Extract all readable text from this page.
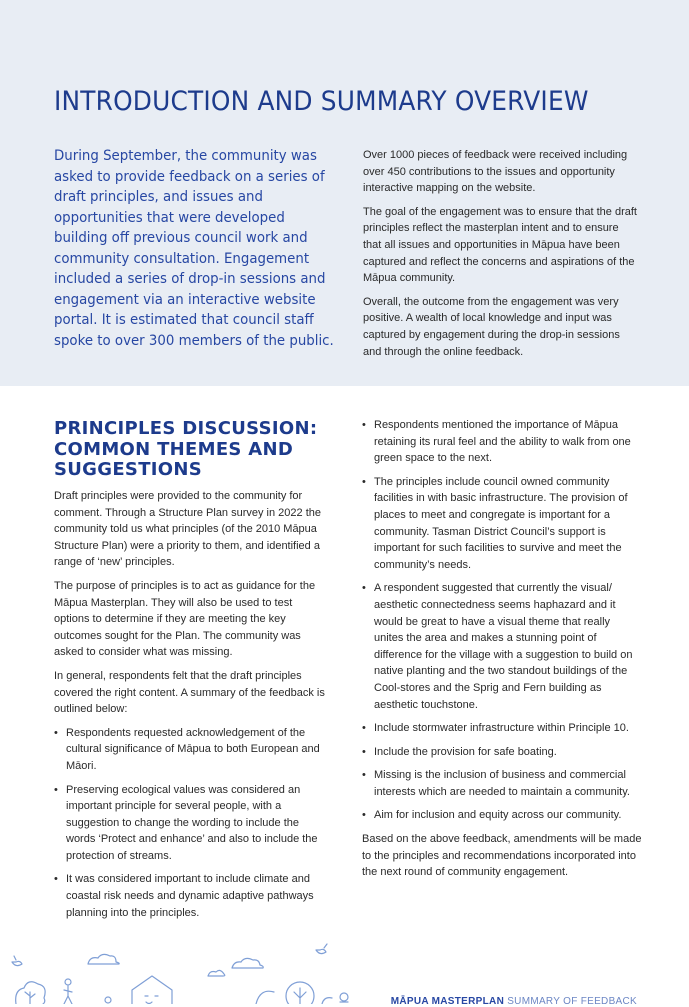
INTRODUCTION AND SUMMARY OVERVIEW
During September, the community was asked to provide feedback on a series of draft principles, and issues and opportunities that were developed building off previous council work and community consultation. Engagement included a series of drop-in sessions and engagement via an interactive website portal. It is estimated that council staff spoke to over 300 members of the public.

Over 1000 pieces of feedback were received including over 450 contributions to the issues and opportunity interactive mapping on the website.

The goal of the engagement was to ensure that the draft principles reflect the masterplan intent and to ensure that all issues and opportunities in Māpua have been captured and reflect the concerns and aspirations of the Māpua community.

Overall, the outcome from the engagement was very positive. A wealth of local knowledge and input was captured by engagement during the drop-in sessions and through the online feedback.

PRINCIPLES DISCUSSION: COMMON THEMES AND SUGGESTIONS

Draft principles were provided to the community for comment. Through a Structure Plan survey in 2022 the community told us what principles (of the 2010 Māpua Structure Plan) were a priority to them, and identified a range of ‘new’ principles.

The purpose of principles is to act as guidance for the Māpua Masterplan. They will also be used to test options to determine if they are meeting the key outcomes sought for the Plan. The community was asked to consider what was missing.

In general, respondents felt that the draft principles covered the right content. A summary of the feedback is outlined below:

• Respondents requested acknowledgement of the cultural significance of Māpua to both European and Māori.
• Preserving ecological values was considered an important principle for several people, with a suggestion to change the wording to include the words ‘Protect and enhance’ and also to include the protection of streams.
• It was considered important to include climate and coastal risk needs and dynamic adaptive pathways planning into the principles.
• Respondents mentioned the importance of Māpua retaining its rural feel and the ability to walk from one green space to the next.
• The principles include council owned community facilities in with basic infrastructure. The provision of places to meet and congregate is important for a community. Tasman District Council’s support is important for such facilities to survive and meet the community’s needs.
• A respondent suggested that currently the visual/ aesthetic connectedness seems haphazard and it would be great to have a visual theme that really unites the area and makes a stunning point of difference for the village with a suggestion to build on native planting and the two standout buildings of the Cool-stores and the Sprig and Fern building as aesthetic touchstone.
• Include stormwater infrastructure within Principle 10.
• Include the provision for safe boating.
• Missing is the inclusion of business and commercial interests which are needed to maintain a community.
• Aim for inclusion and equity across our community.

Based on the above feedback, amendments will be made to the principles and recommendations incorporated into the next round of community engagement.

MĀPUA MASTERPLAN SUMMARY OF FEEDBACK
